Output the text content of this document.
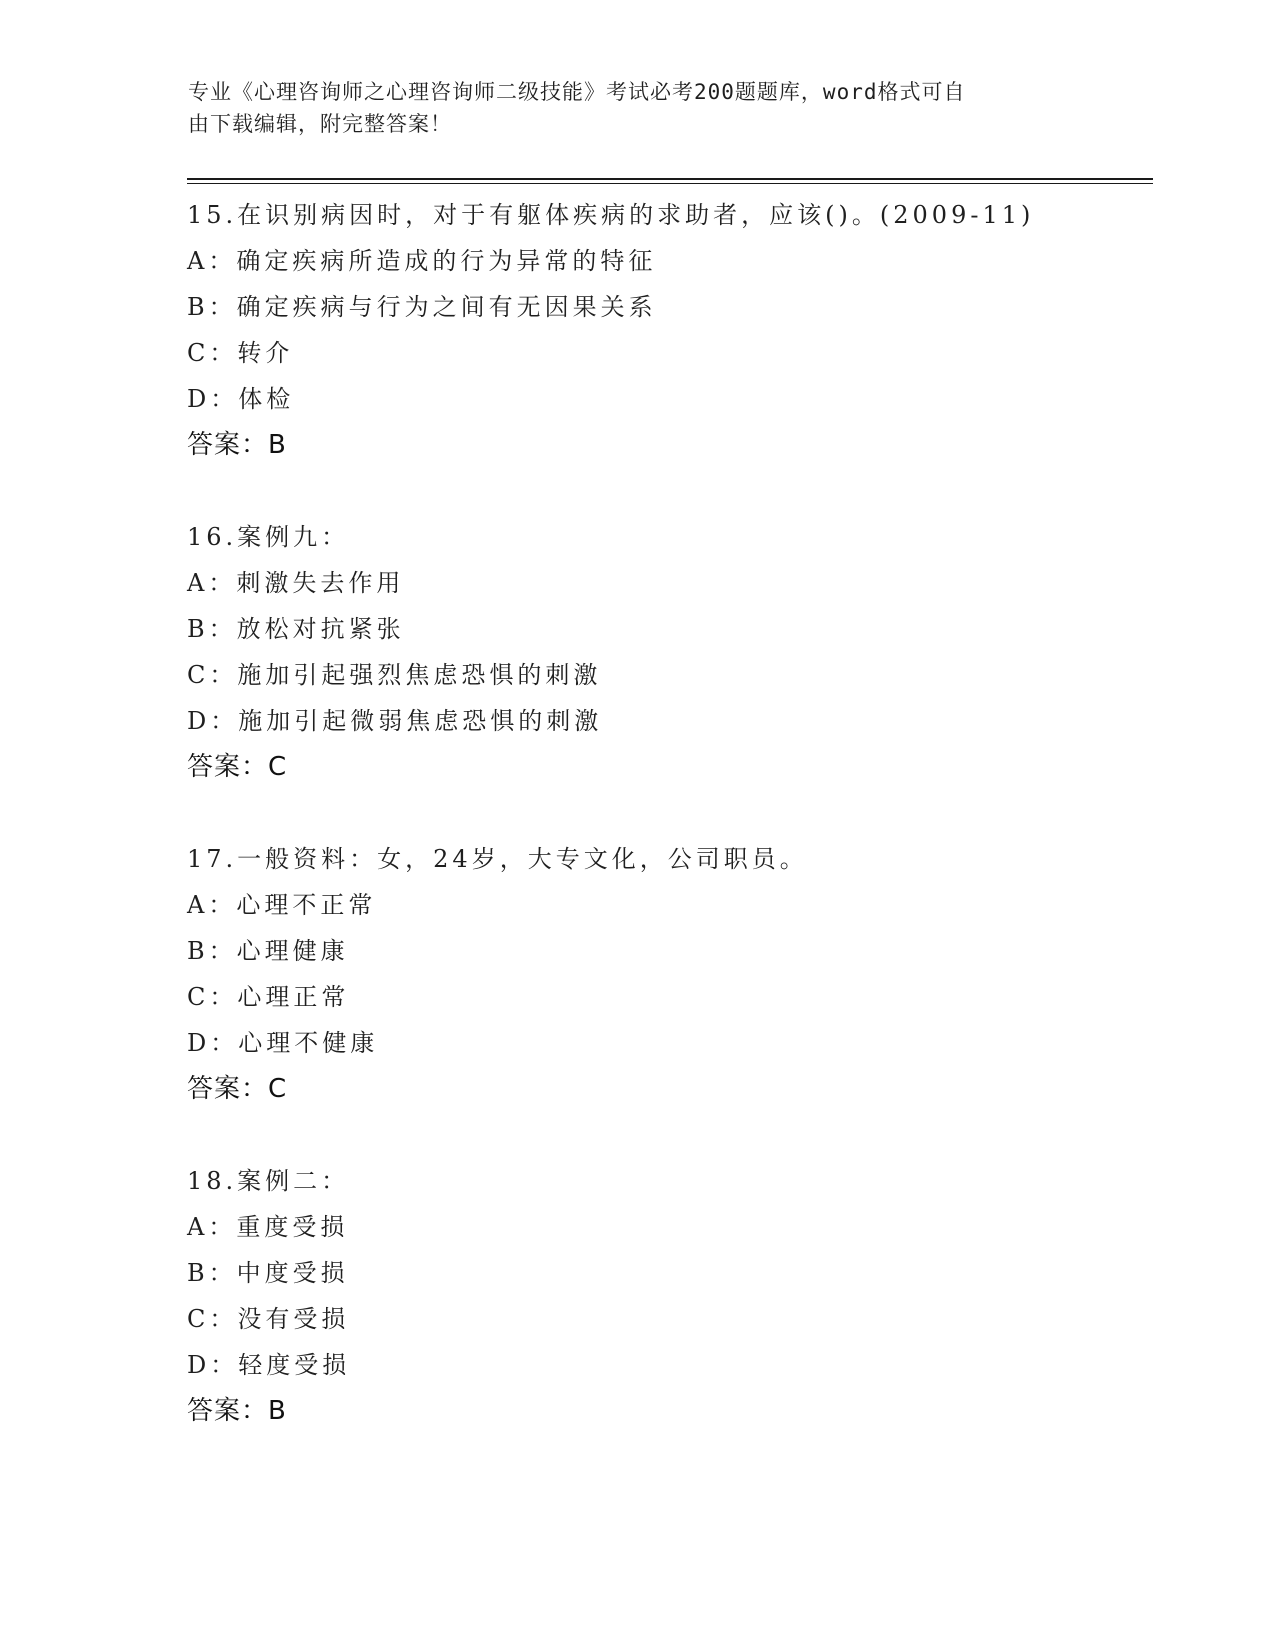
专业《心理咨询师之心理咨询师二级技能》考试必考200题题库，word格式可自
由下载编辑，附完整答案！
15.在识别病因时，对于有躯体疾病的求助者，应该()。(2009-11)
A：确定疾病所造成的行为异常的特征
B：确定疾病与行为之间有无因果关系
C：转介
D：体检
答案：B
16.案例九：
A：刺激失去作用
B：放松对抗紧张
C：施加引起强烈焦虑恐惧的刺激
D：施加引起微弱焦虑恐惧的刺激
答案：C
17.一般资料：女，24岁，大专文化，公司职员。
A：心理不正常
B：心理健康
C：心理正常
D：心理不健康
答案：C
18.案例二：
A：重度受损
B：中度受损
C：没有受损
D：轻度受损
答案：B
